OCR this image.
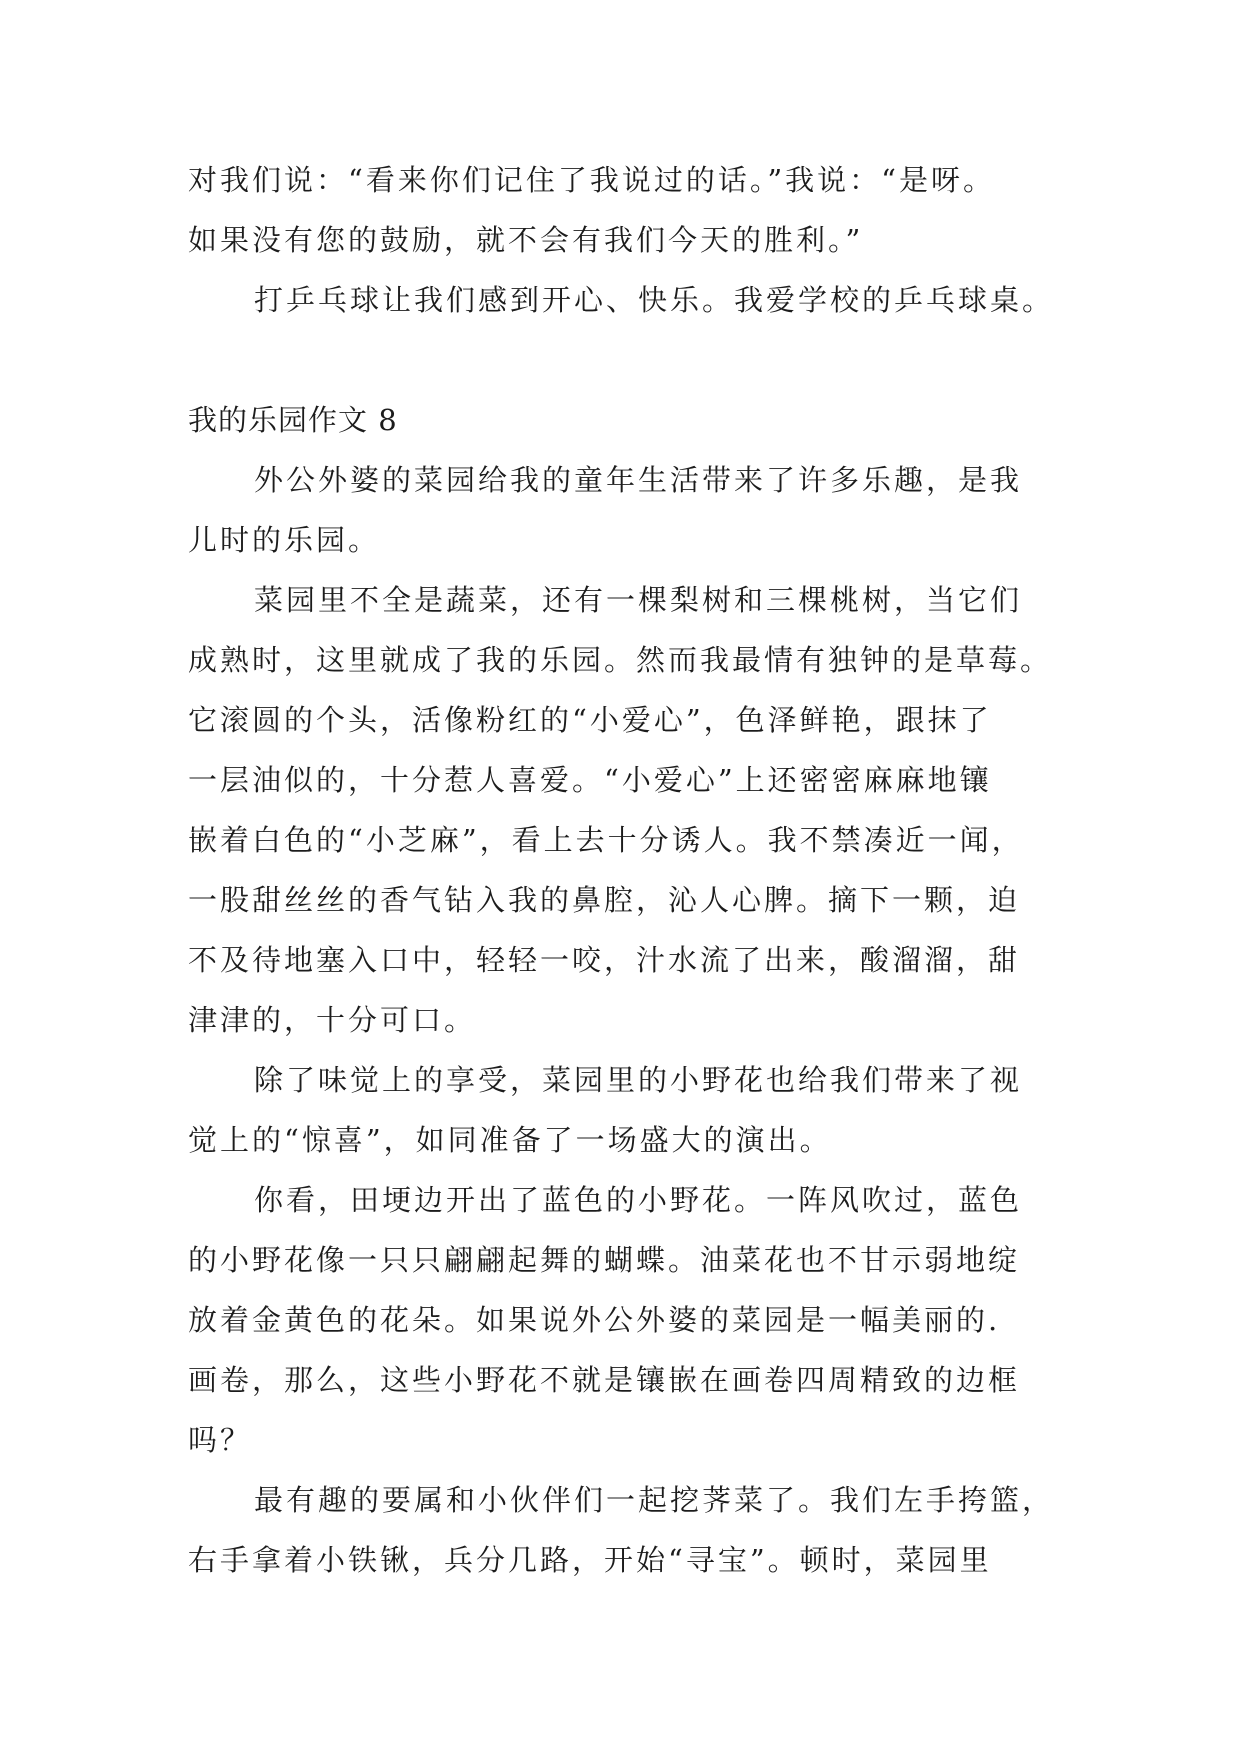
对我们说：“看来你们记住了我说过的话。”我说：“是呀。
如果没有您的鼓励，就不会有我们今天的胜利。”
打乒乓球让我们感到开心、快乐。我爱学校的乒乓球桌。
我的乐园作文 8
外公外婆的菜园给我的童年生活带来了许多乐趣，是我
儿时的乐园。
菜园里不全是蔬菜，还有一棵梨树和三棵桃树，当它们
成熟时，这里就成了我的乐园。然而我最情有独钟的是草莓。
它滚圆的个头，活像粉红的“小爱心”，色泽鲜艳，跟抹了
一层油似的，十分惹人喜爱。“小爱心”上还密密麻麻地镶
嵌着白色的“小芝麻”，看上去十分诱人。我不禁凑近一闻，
一股甜丝丝的香气钻入我的鼻腔，沁人心脾。摘下一颗，迫
不及待地塞入口中，轻轻一咬，汁水流了出来，酸溜溜，甜
津津的，十分可口。
除了味觉上的享受，菜园里的小野花也给我们带来了视
觉上的“惊喜”，如同准备了一场盛大的演出。
你看，田埂边开出了蓝色的小野花。一阵风吹过，蓝色
的小野花像一只只翩翩起舞的蝴蝶。油菜花也不甘示弱地绽
放着金黄色的花朵。如果说外公外婆的菜园是一幅美丽的.
画卷，那么，这些小野花不就是镶嵌在画卷四周精致的边框
吗？
最有趣的要属和小伙伴们一起挖荠菜了。我们左手挎篮，
右手拿着小铁锹，兵分几路，开始“寻宝”。顿时，菜园里
